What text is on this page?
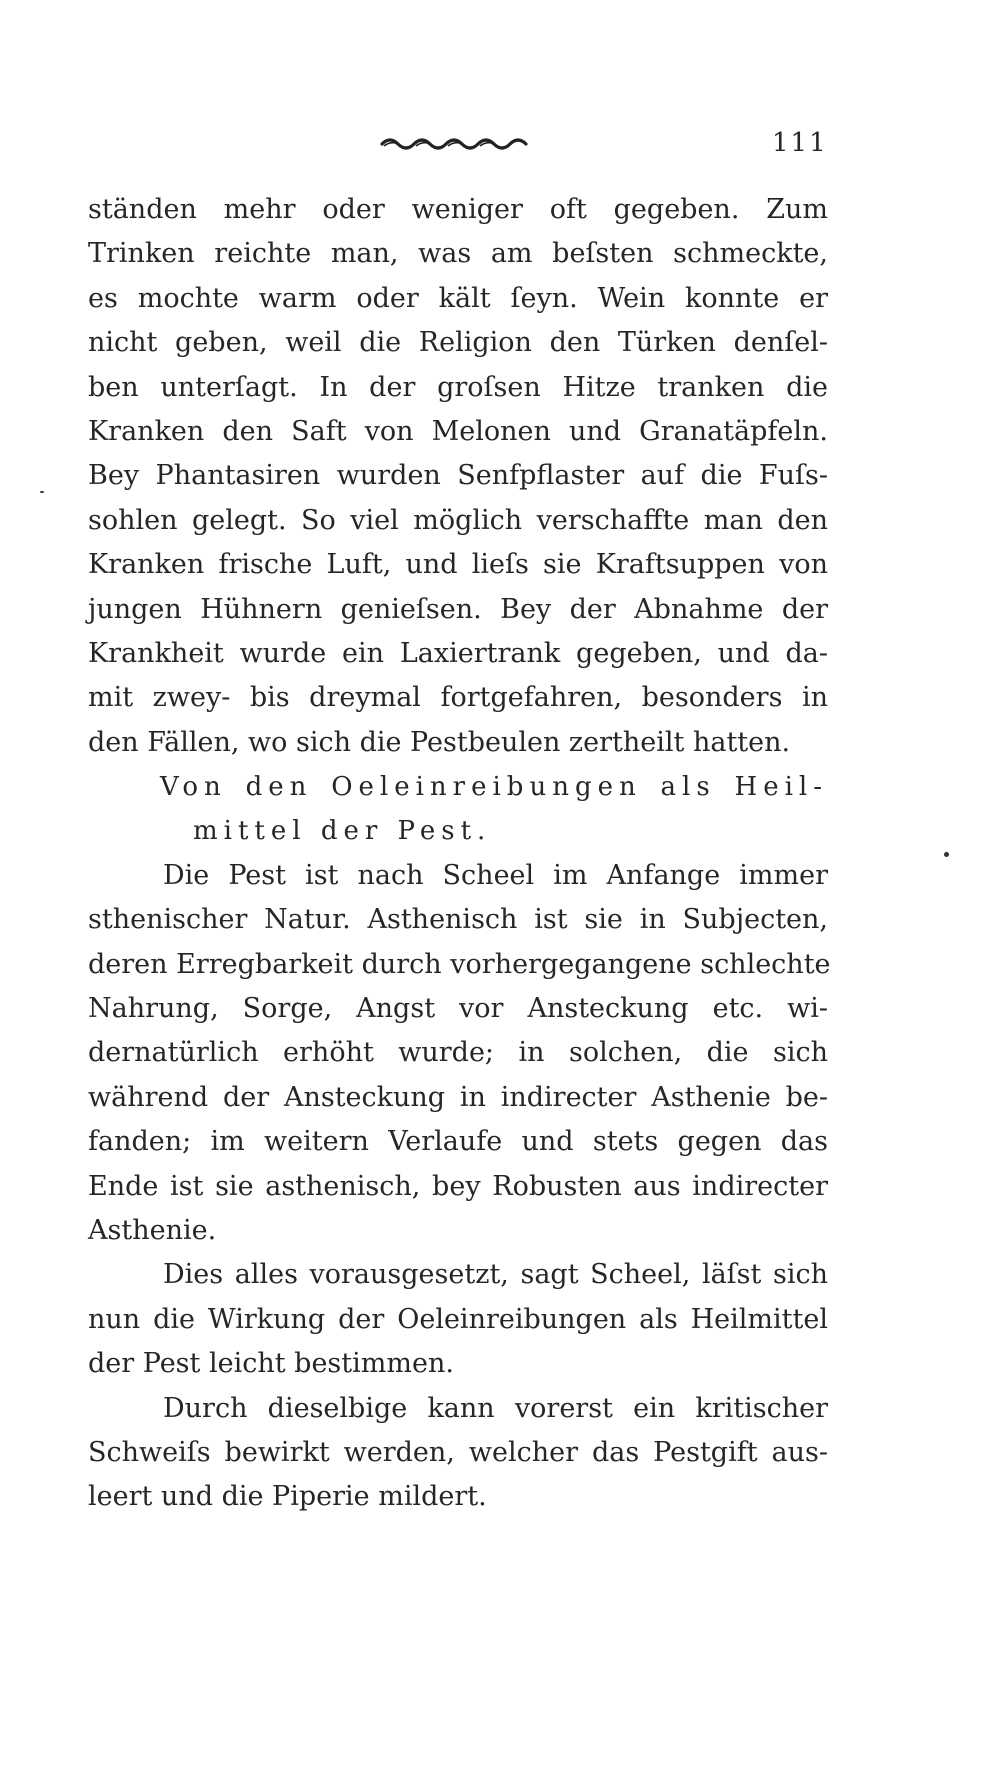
111
ständen mehr oder weniger oft gegeben. Zum
Trinken reichte man, was am beſsten schmeckte,
es mochte warm oder kält ſeyn. Wein konnte er
nicht geben, weil die Religion den Türken denſel-
ben unterſagt. In der groſsen Hitze tranken die
Kranken den Saft von Melonen und Granatäpfeln.
Bey Phantasiren wurden Senfpflaster auf die Fuſs-
sohlen gelegt. So viel möglich verschaffte man den
Kranken frische Luft, und lieſs sie Kraftsuppen von
jungen Hühnern genieſsen. Bey der Abnahme der
Krankheit wurde ein Laxiertrank gegeben, und da-
mit zwey- bis dreymal fortgefahren, besonders in
den Fällen, wo sich die Pestbeulen zertheilt hatten.
Von den Oeleinreibungen als Heil-
mittel der Pest.
Die Pest ist nach Scheel im Anfange immer
sthenischer Natur. Asthenisch ist sie in Subjecten,
deren Erregbarkeit durch vorhergegangene schlechte
Nahrung, Sorge, Angst vor Ansteckung etc. wi-
dernatürlich erhöht wurde; in solchen, die sich
während der Ansteckung in indirecter Asthenie be-
fanden; im weitern Verlaufe und stets gegen das
Ende ist sie asthenisch, bey Robusten aus indirecter
Asthenie.
Dies alles vorausgesetzt, sagt Scheel, läſst sich
nun die Wirkung der Oeleinreibungen als Heilmittel
der Pest leicht bestimmen.
Durch dieselbige kann vorerst ein kritischer
Schweiſs bewirkt werden, welcher das Pestgift aus-
leert und die Piperie mildert.
